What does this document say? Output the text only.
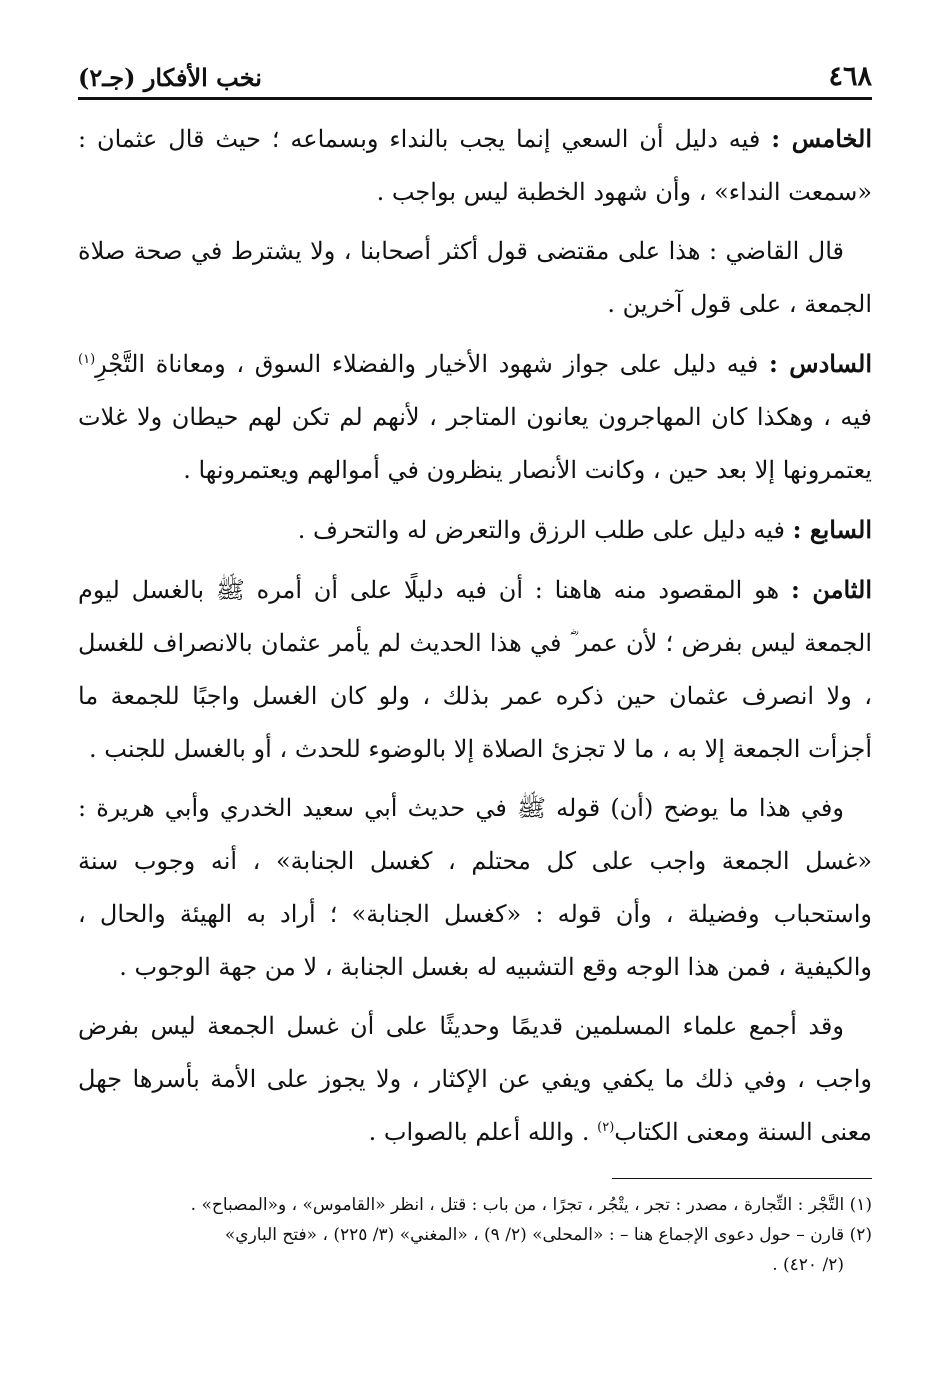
٤٦٨
نخب الأفكار (جـ٢)

الخامس : فيه دليل أن السعي إنما يجب بالنداء وبسماعه ؛ حيث قال عثمان : «سمعت النداء» ، وأن شهود الخطبة ليس بواجب .

قال القاضي : هذا على مقتضى قول أكثر أصحابنا ، ولا يشترط في صحة صلاة الجمعة ، على قول آخرين .

السادس : فيه دليل على جواز شهود الأخيار والفضلاء السوق ، ومعاناة التَّجْرِ$^{(١)}$ فيه ، وهكذا كان المهاجرون يعانون المتاجر ، لأنهم لم تكن لهم حيطان ولا غلات يعتمرونها إلا بعد حين ، وكانت الأنصار ينظرون في أموالهم ويعتمرونها .

السابع : فيه دليل على طلب الرزق والتعرض له والتحرف .

الثامن : هو المقصود منه هاهنا : أن فيه دليلًا على أن أمره ﷺ بالغسل ليوم الجمعة ليس بفرض ؛ لأن عمر ؓ في هذا الحديث لم يأمر عثمان بالانصراف للغسل ، ولا انصرف عثمان حين ذكره عمر بذلك ، ولو كان الغسل واجبًا للجمعة ما أجزأت الجمعة إلا به ، ما لا تجزئ الصلاة إلا بالوضوء للحدث ، أو بالغسل للجنب .

وفي هذا ما يوضح (أن) قوله ﷺ في حديث أبي سعيد الخدري وأبي هريرة : «غسل الجمعة واجب على كل محتلم ، كغسل الجنابة» ، أنه وجوب سنة واستحباب وفضيلة ، وأن قوله : «كغسل الجنابة» ؛ أراد به الهيئة والحال ، والكيفية ، فمن هذا الوجه وقع التشبيه له بغسل الجنابة ، لا من جهة الوجوب .

وقد أجمع علماء المسلمين قديمًا وحديثًا على أن غسل الجمعة ليس بفرض واجب ، وفي ذلك ما يكفي ويفي عن الإكثار ، ولا يجوز على الأمة بأسرها جهل معنى السنة ومعنى الكتاب$^{(٢)}$ . والله أعلم بالصواب .

(١) التَّجْر : التِّجارة ، مصدر : تجر ، يتْجُر ، تجرًا ، من باب : قتل ، انظر «القاموس» ، و«المصباح» .

(٢) قارن – حول دعوى الإجماع هنا – : «المحلى» (٢/ ٩) ، «المغني» (٣/ ٢٢٥) ، «فتح الباري»

(٢/ ٤٢٠) .
